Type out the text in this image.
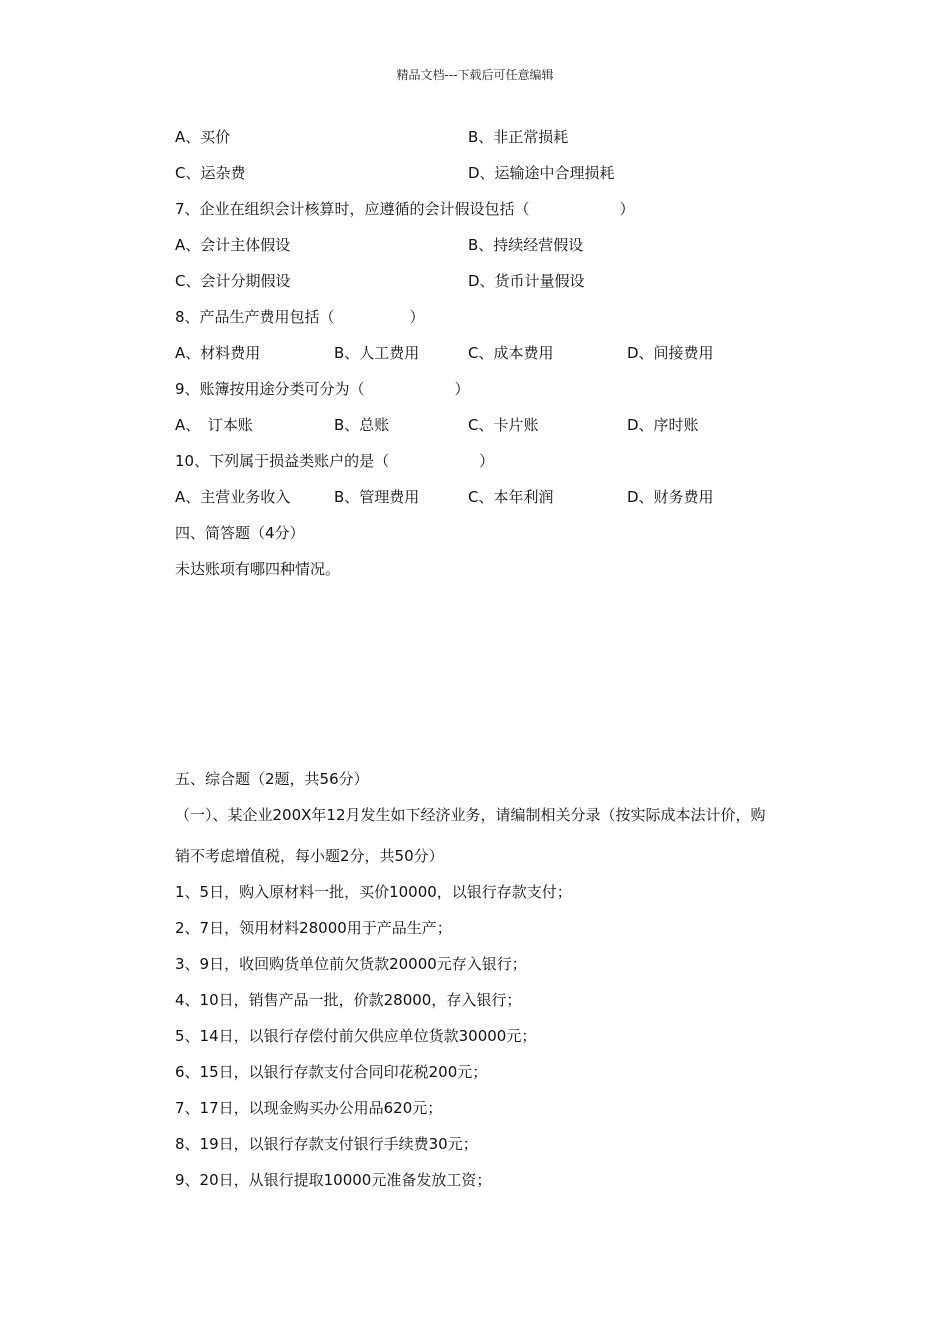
精品文档---下载后可任意编辑
A、买价	B、非正常损耗
C、运杂费	D、运输途中合理损耗
7、企业在组织会计核算时，应遵循的会计假设包括（　　　　　　）
A、会计主体假设	B、持续经营假设
C、会计分期假设	D、货币计量假设
8、产品生产费用包括（　　　　　）
A、材料费用	B、人工费用	C、成本费用	D、间接费用
9、账簿按用途分类可分为（　　　　　　）
A、　订本账	B、总账	C、卡片账	D、序时账
10、下列属于损益类账户的是（　　　　　　）
A、主营业务收入	B、管理费用	C、本年利润	D、财务费用
四、简答题（4分）
未达账项有哪四种情况。
五、综合题（2题，共56分）
（一）、某企业200X年12月发生如下经济业务，请编制相关分录（按实际成本法计价，购
销不考虑增值税，每小题2分，共50分）
1、5日，购入原材料一批，买价10000，以银行存款支付；
2、7日，领用材料28000用于产品生产；
3、9日，收回购货单位前欠货款20000元存入银行；
4、10日，销售产品一批，价款28000，存入银行；
5、14日，以银行存偿付前欠供应单位货款30000元；
6、15日，以银行存款支付合同印花税200元；
7、17日，以现金购买办公用品620元；
8、19日，以银行存款支付银行手续费30元；
9、20日，从银行提取10000元准备发放工资；
